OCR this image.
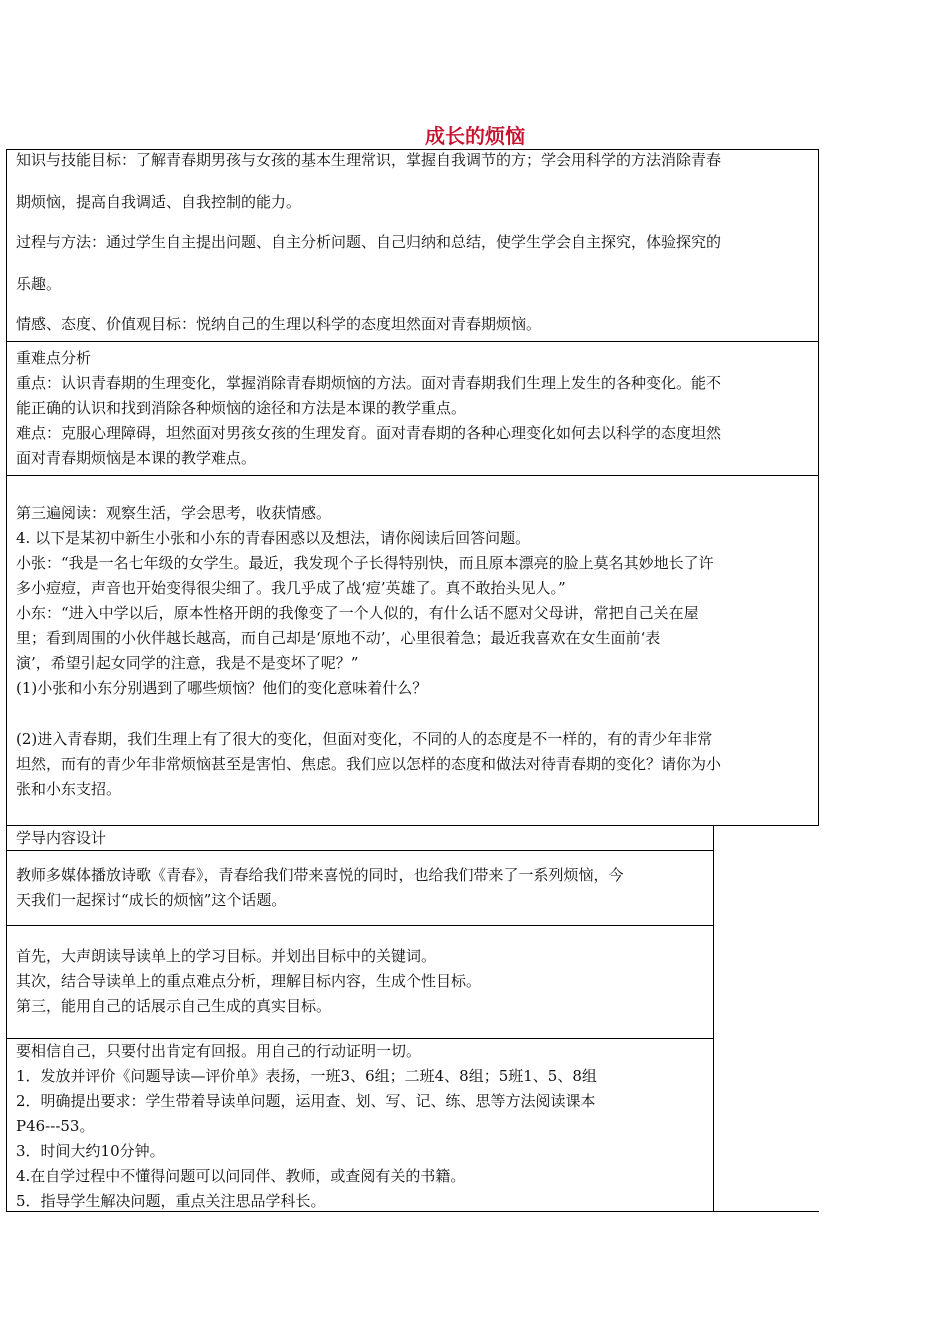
成长的烦恼

知识与技能目标：了解青春期男孩与女孩的基本生理常识，掌握自我调节的方；学会用科学的方法消除青春

期烦恼，提高自我调适、自我控制的能力。

过程与方法：通过学生自主提出问题、自主分析问题、自己归纳和总结，使学生学会自主探究，体验探究的

乐趣。

情感、态度、价值观目标：悦纳自己的生理以科学的态度坦然面对青春期烦恼。

重难点分析

重点：认识青春期的生理变化，掌握消除青春期烦恼的方法。面对青春期我们生理上发生的各种变化。能不

能正确的认识和找到消除各种烦恼的途径和方法是本课的教学重点。

难点：克服心理障碍，坦然面对男孩女孩的生理发育。面对青春期的各种心理变化如何去以科学的态度坦然

面对青春期烦恼是本课的教学难点。

第三遍阅读：观察生活，学会思考，收获情感。

4. 以下是某初中新生小张和小东的青春困惑以及想法，请你阅读后回答问题。

小张：“我是一名七年级的女学生。最近，我发现个子长得特别快，而且原本漂亮的脸上莫名其妙地长了许

多小痘痘，声音也开始变得很尖细了。我几乎成了战‘痘’英雄了。真不敢抬头见人。”

小东：“进入中学以后，原本性格开朗的我像变了一个人似的，有什么话不愿对父母讲，常把自己关在屋

里；看到周围的小伙伴越长越高，而自己却是‘原地不动’，心里很着急；最近我喜欢在女生面前‘表

演’，希望引起女同学的注意，我是不是变坏了呢？”

(1)小张和小东分别遇到了哪些烦恼？他们的变化意味着什么？

(2)进入青春期，我们生理上有了很大的变化，但面对变化，不同的人的态度是不一样的，有的青少年非常

坦然，而有的青少年非常烦恼甚至是害怕、焦虑。我们应以怎样的态度和做法对待青春期的变化？请你为小

张和小东支招。

学导内容设计

教师多媒体播放诗歌《青春》，青春给我们带来喜悦的同时，也给我们带来了一系列烦恼，今

天我们一起探讨“成长的烦恼”这个话题。

首先，大声朗读导读单上的学习目标。并划出目标中的关键词。

其次，结合导读单上的重点难点分析，理解目标内容，生成个性目标。

第三，能用自己的话展示自己生成的真实目标。

要相信自己，只要付出肯定有回报。用自己的行动证明一切。

1．发放并评价《问题导读—评价单》表扬，一班3、6组；二班4、8组；5班1、5、8组

2．明确提出要求：学生带着导读单问题，运用查、划、写、记、练、思等方法阅读课本

P46---53。

3．时间大约10分钟。

4.在自学过程中不懂得问题可以问同伴、教师，或查阅有关的书籍。

5．指导学生解决问题，重点关注思品学科长。
